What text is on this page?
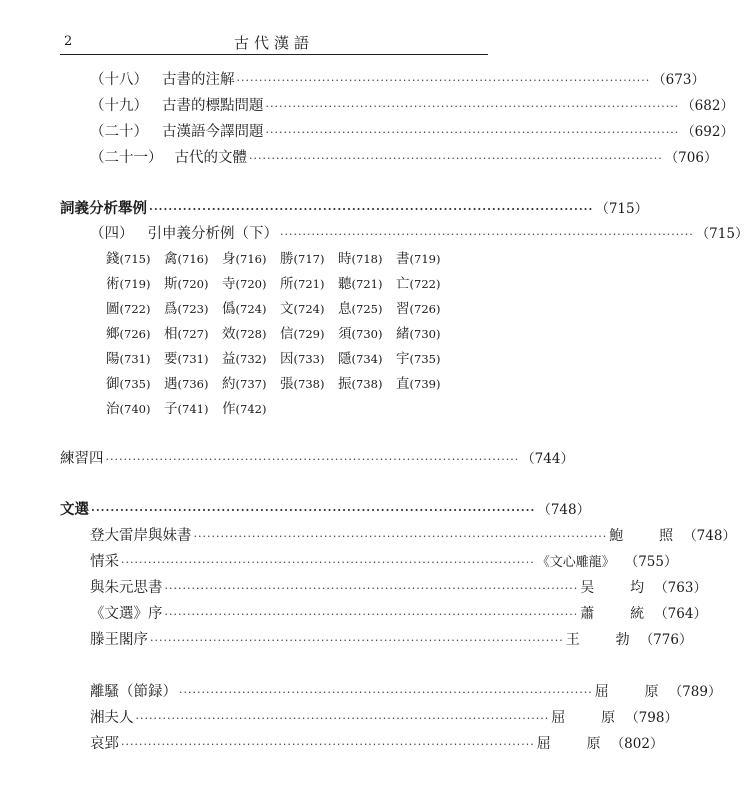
2	古代漢語
（十八） 古書的注解 ···························································································· （673）
（十九） 古書的標點問題 ···························································································· （682）
（二十） 古漢語今譯問題 ···························································································· （692）
（二十一） 古代的文體 ···························································································· （706）
詞義分析舉例 ···························································································· （715）
（四） 引申義分析例（下） ···························································································· （715）
錢(715) 禽(716) 身(716) 勝(717) 時(718) 書(719)術(719) 斯(720) 寺(720) 所(721) 聽(721) 亡(722)圖(722) 爲(723) 僞(724) 文(724) 息(725) 習(726)鄉(726) 相(727) 效(728) 信(729) 須(730) 緒(730)陽(731) 要(731) 益(732) 因(733) 隱(734) 宇(735)御(735) 遇(736) 約(737) 張(738) 振(738) 直(739)治(740) 子(741) 作(742)
練習四 ···························································································· （744）
文選 ···························································································· （748）
登大雷岸與妹書 ···························································································· 鮑照 （748）
情采 ···························································································· 《文心雕龍》 （755）
與朱元思書 ···························································································· 吴均 （763）
《文選》序 ···························································································· 蕭統 （764）
滕王閣序 ···························································································· 王勃 （776）
離騷（節録） ···························································································· 屈原 （789）
湘夫人 ···························································································· 屈原 （798）
哀郢 ···························································································· 屈原 （802）
